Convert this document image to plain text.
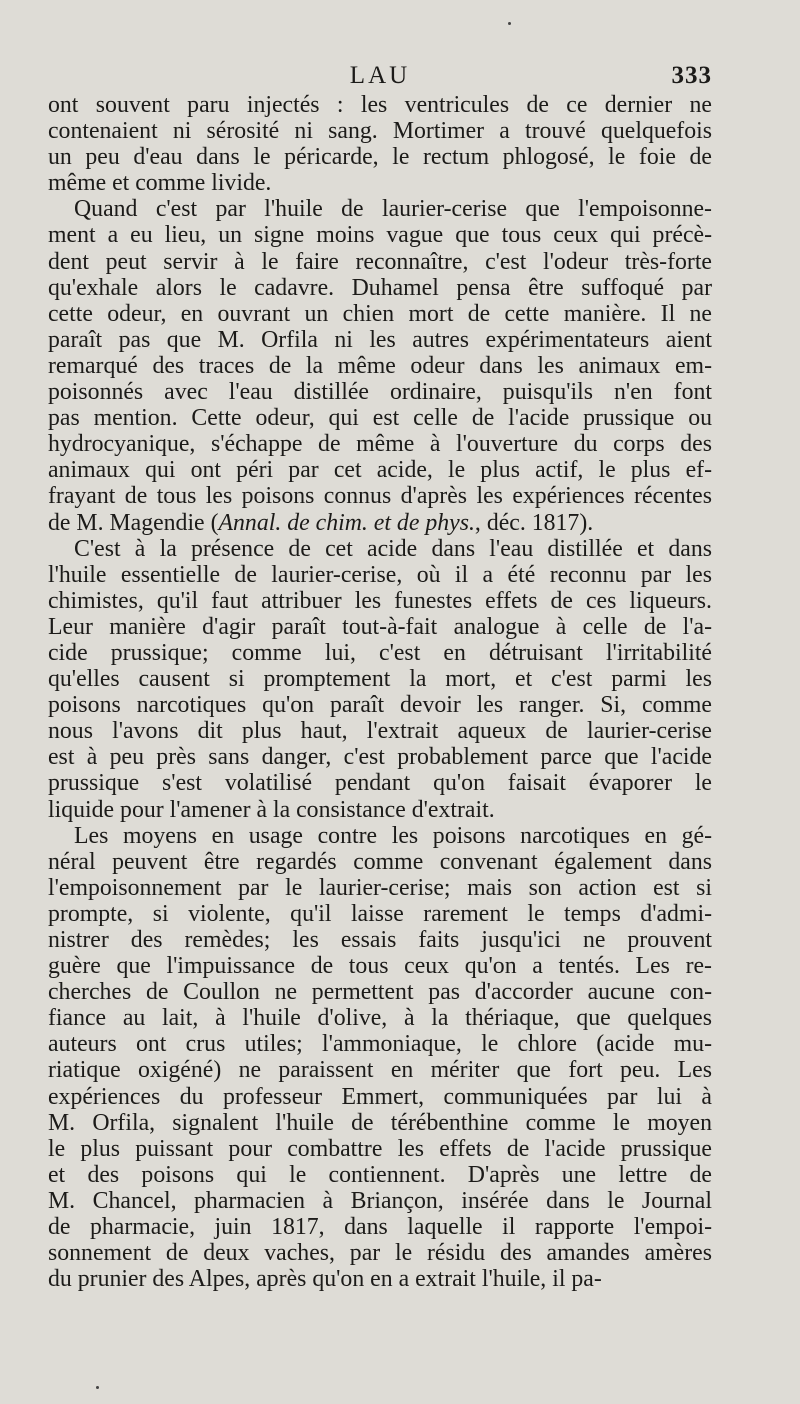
LAU	333
ont souvent paru injectés : les ventricules de ce dernier ne
contenaient ni sérosité ni sang. Mortimer a trouvé quelquefois
un peu d'eau dans le péricarde, le rectum phlogosé, le foie de
même et comme livide.
Quand c'est par l'huile de laurier-cerise que l'empoisonne-
ment a eu lieu, un signe moins vague que tous ceux qui précè-
dent peut servir à le faire reconnaître, c'est l'odeur très-forte
qu'exhale alors le cadavre. Duhamel pensa être suffoqué par
cette odeur, en ouvrant un chien mort de cette manière. Il ne
paraît pas que M. Orfila ni les autres expérimentateurs aient
remarqué des traces de la même odeur dans les animaux em-
poisonnés avec l'eau distillée ordinaire, puisqu'ils n'en font
pas mention. Cette odeur, qui est celle de l'acide prussique ou
hydrocyanique, s'échappe de même à l'ouverture du corps des
animaux qui ont péri par cet acide, le plus actif, le plus ef-
frayant de tous les poisons connus d'après les expériences récentes
de M. Magendie (Annal. de chim. et de phys., déc. 1817).
C'est à la présence de cet acide dans l'eau distillée et dans
l'huile essentielle de laurier-cerise, où il a été reconnu par les
chimistes, qu'il faut attribuer les funestes effets de ces liqueurs.
Leur manière d'agir paraît tout-à-fait analogue à celle de l'a-
cide prussique; comme lui, c'est en détruisant l'irritabilité
qu'elles causent si promptement la mort, et c'est parmi les
poisons narcotiques qu'on paraît devoir les ranger. Si, comme
nous l'avons dit plus haut, l'extrait aqueux de laurier-cerise
est à peu près sans danger, c'est probablement parce que l'acide
prussique s'est volatilisé pendant qu'on faisait évaporer le
liquide pour l'amener à la consistance d'extrait.
Les moyens en usage contre les poisons narcotiques en gé-
néral peuvent être regardés comme convenant également dans
l'empoisonnement par le laurier-cerise; mais son action est si
prompte, si violente, qu'il laisse rarement le temps d'admi-
nistrer des remèdes; les essais faits jusqu'ici ne prouvent
guère que l'impuissance de tous ceux qu'on a tentés. Les re-
cherches de Coullon ne permettent pas d'accorder aucune con-
fiance au lait, à l'huile d'olive, à la thériaque, que quelques
auteurs ont crus utiles; l'ammoniaque, le chlore (acide mu-
riatique oxigéné) ne paraissent en mériter que fort peu. Les
expériences du professeur Emmert, communiquées par lui à
M. Orfila, signalent l'huile de térébenthine comme le moyen
le plus puissant pour combattre les effets de l'acide prussique
et des poisons qui le contiennent. D'après une lettre de
M. Chancel, pharmacien à Briançon, insérée dans le Journal
de pharmacie, juin 1817, dans laquelle il rapporte l'empoi-
sonnement de deux vaches, par le résidu des amandes amères
du prunier des Alpes, après qu'on en a extrait l'huile, il pa-
